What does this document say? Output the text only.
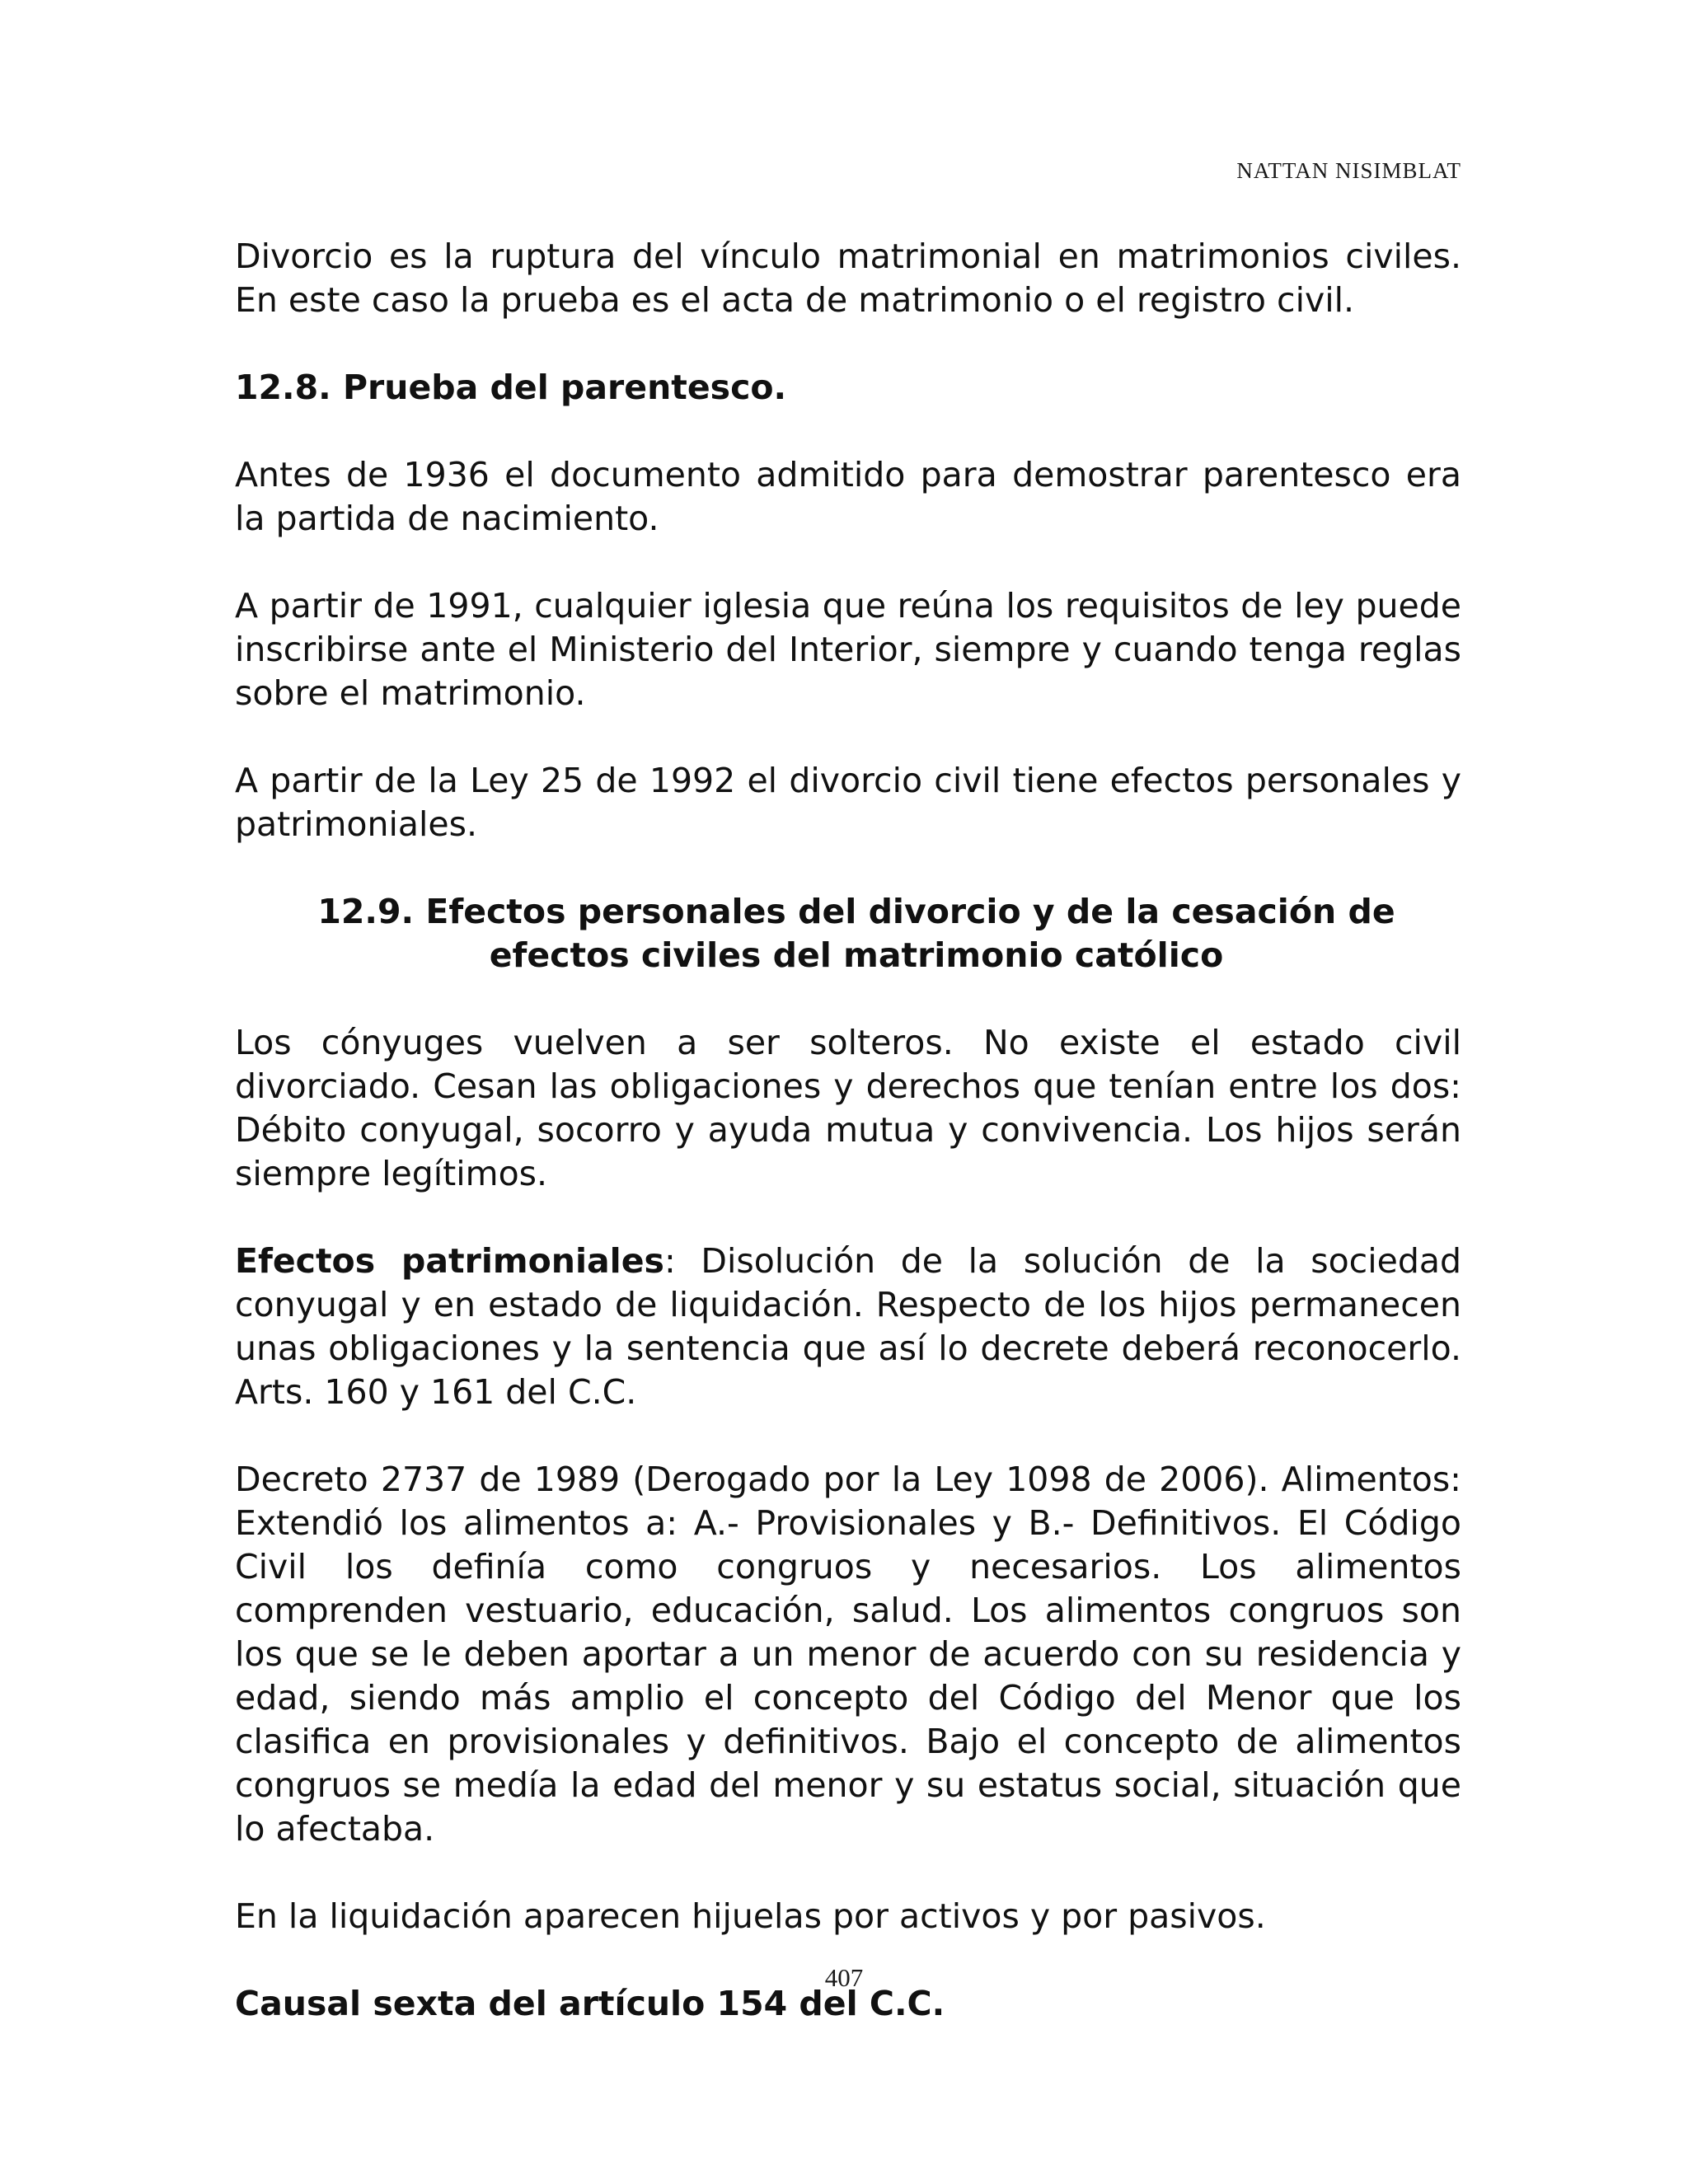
NATTAN NISIMBLAT

Divorcio es la ruptura del vínculo matrimonial en matrimonios civiles. En este caso la prueba es el acta de matrimonio o el registro civil.

12.8. Prueba del parentesco.

Antes de 1936 el documento admitido para demostrar parentesco era la partida de nacimiento.

A partir de 1991, cualquier iglesia que reúna los requisitos de ley puede inscribirse ante el Ministerio del Interior, siempre y cuando tenga reglas sobre el matrimonio.

A partir de la Ley 25 de 1992 el divorcio civil tiene efectos personales y patrimoniales.

12.9. Efectos personales del divorcio y de la cesación de efectos civiles del matrimonio católico

Los cónyuges vuelven a ser solteros. No existe el estado civil divorciado. Cesan las obligaciones y derechos que tenían entre los dos: Débito conyugal, socorro y ayuda mutua y convivencia. Los hijos serán siempre legítimos.

Efectos patrimoniales: Disolución de la solución de la sociedad conyugal y en estado de liquidación. Respecto de los hijos permanecen unas obligaciones y la sentencia que así lo decrete deberá reconocerlo. Arts. 160 y 161 del C.C.

Decreto 2737 de 1989 (Derogado por la Ley 1098 de 2006). Alimentos: Extendió los alimentos a: A.- Provisionales y B.- Definitivos. El Código Civil los definía como congruos y necesarios. Los alimentos comprenden vestuario, educación, salud. Los alimentos congruos son los que se le deben aportar a un menor de acuerdo con su residencia y edad, siendo más amplio el concepto del Código del Menor que los clasifica en provisionales y definitivos. Bajo el concepto de alimentos congruos se medía la edad del menor y su estatus social, situación que lo afectaba.

En la liquidación aparecen hijuelas por activos y por pasivos.

Causal sexta del artículo 154 del C.C.

407
